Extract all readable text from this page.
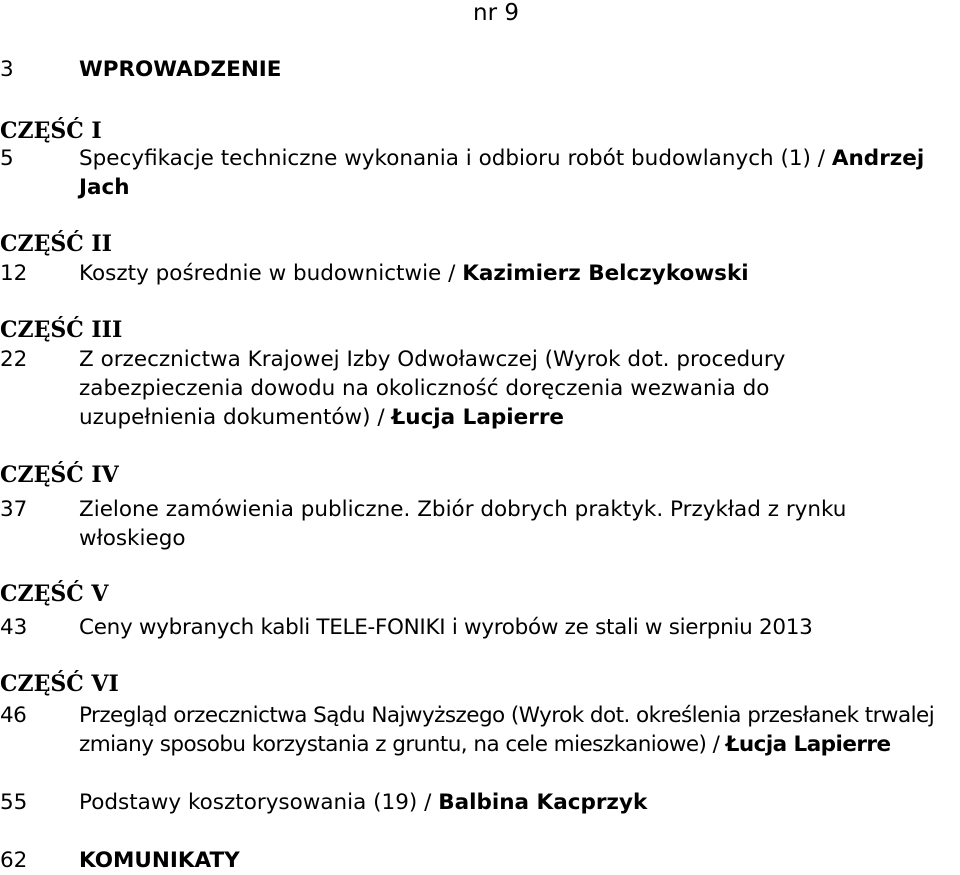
nr 9
3	WPROWADZENIE
CZĘŚĆ I
5	Specyfikacje techniczne wykonania i odbioru robót budowlanych (1) / Andrzej Jach
CZĘŚĆ II
12	Koszty pośrednie w budownictwie / Kazimierz Belczykowski
CZĘŚĆ III
22	Z orzecznictwa Krajowej Izby Odwoławczej (Wyrok dot. procedury zabezpieczenia dowodu na okoliczność doręczenia wezwania do uzupełnienia dokumentów) / Łucja Lapierre
CZĘŚĆ IV
37	Zielone zamówienia publiczne. Zbiór dobrych praktyk. Przykład z rynku włoskiego
CZĘŚĆ V
43	Ceny wybranych kabli TELE-FONIKI i wyrobów ze stali w sierpniu 2013
CZĘŚĆ VI
46	Przegląd orzecznictwa Sądu Najwyższego (Wyrok dot. określenia przesłanek trwalej zmiany sposobu korzystania z gruntu, na cele mieszkaniowe) / Łucja Lapierre
55	Podstawy kosztorysowania (19) / Balbina Kacprzyk
62	KOMUNIKATY
